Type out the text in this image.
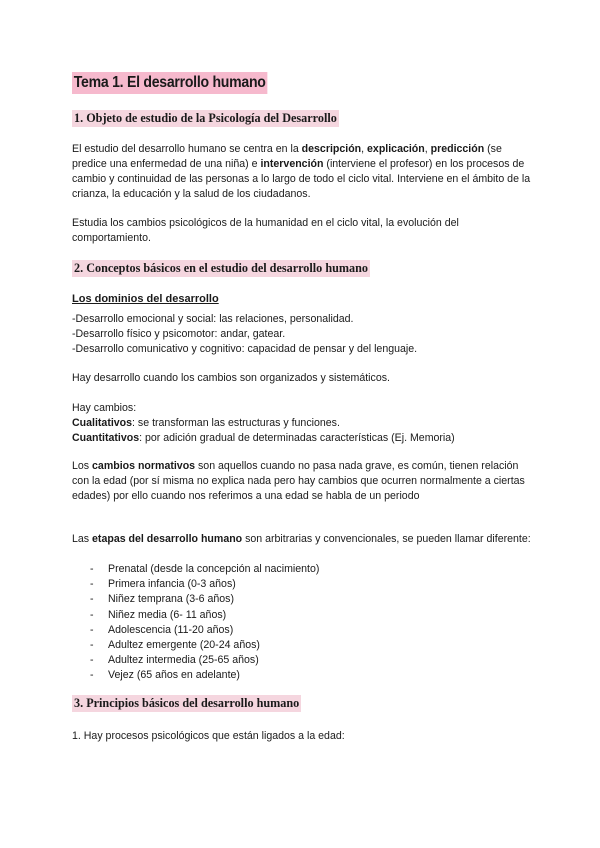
Tema 1. El desarrollo humano
1. Objeto de estudio de la Psicología del Desarrollo

El estudio del desarrollo humano se centra en la descripción, explicación, predicción (se predice una enfermedad de una niña) e intervención (interviene el profesor) en los procesos de cambio y continuidad de las personas a lo largo de todo el ciclo vital. Interviene en el ámbito de la crianza, la educación y la salud de los ciudadanos.

Estudia los cambios psicológicos de la humanidad en el ciclo vital, la evolución del comportamiento.

2. Conceptos básicos en el estudio del desarrollo humano

Los dominios del desarrollo

-Desarrollo emocional y social: las relaciones, personalidad.

-Desarrollo físico y psicomotor: andar, gatear.

-Desarrollo comunicativo y cognitivo: capacidad de pensar y del lenguaje.

Hay desarrollo cuando los cambios son organizados y sistemáticos.

Hay cambios:

Cualitativos: se transforman las estructuras y funciones.

Cuantitativos: por adición gradual de determinadas características (Ej. Memoria)

Los cambios normativos son aquellos cuando no pasa nada grave, es común, tienen relación con la edad (por sí misma no explica nada pero hay cambios que ocurren normalmente a ciertas edades) por ello cuando nos referimos a una edad se habla de un periodo

Las etapas del desarrollo humano son arbitrarias y convencionales, se pueden llamar diferente:

- Prenatal (desde la concepción al nacimiento)
- Primera infancia (0-3 años)
- Niñez temprana (3-6 años)
- Niñez media (6- 11 años)
- Adolescencia (11-20 años)
- Adultez emergente (20-24 años)
- Adultez intermedia (25-65 años)
- Vejez (65 años en adelante)
3. Principios básicos del desarrollo humano

1. Hay procesos psicológicos que están ligados a la edad:
